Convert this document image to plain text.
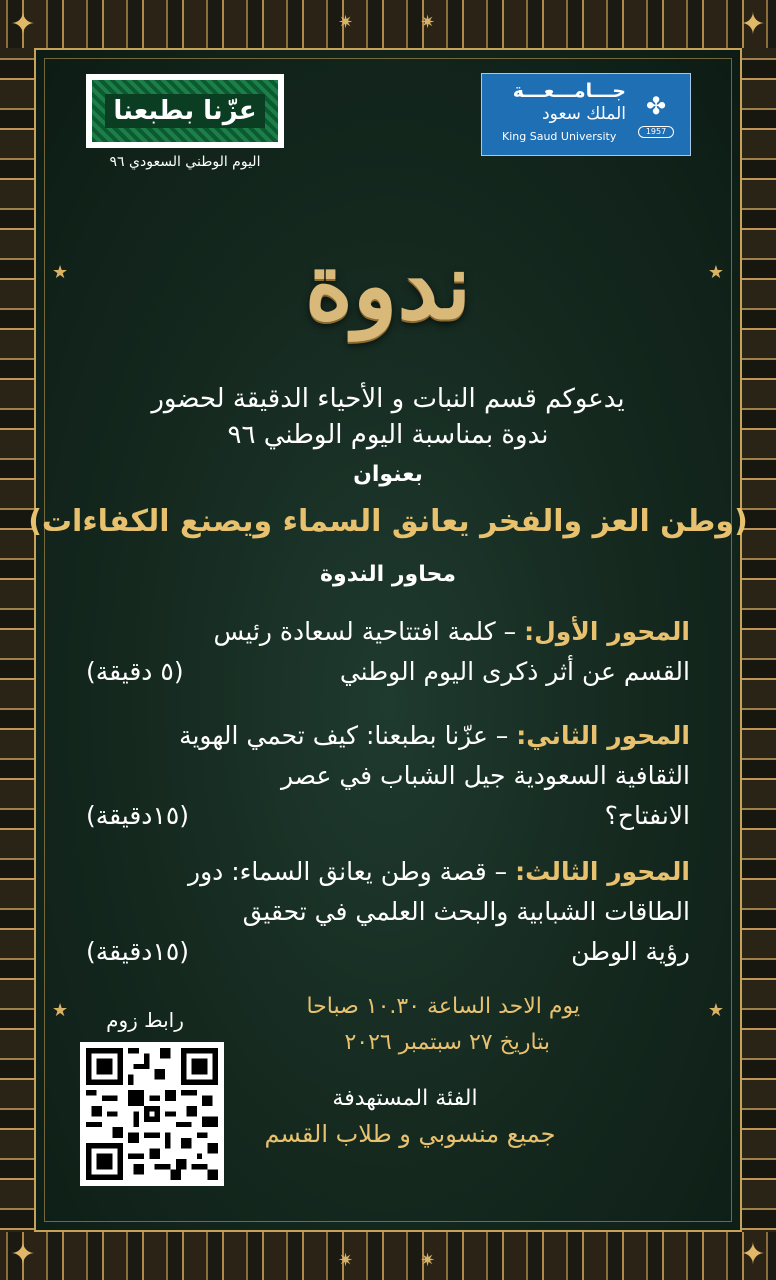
✦	✦
✦	✦
✷	✷
✷	✷
★	★
★	★
عزّنا بطبعنا
اليوم الوطني السعودي ٩٦
✤
1957
جـــامـــعـــة
الملك سعود
King Saud University
ندوة
يدعوكم قسم النبات و الأحياء الدقيقة لحضور
ندوة بمناسبة اليوم الوطني ٩٦
بعنوان
(وطن العز والفخر يعانق السماء ويصنع الكفاءات)
محاور الندوة
المحور الأول: – كلمة افتتاحية لسعادة رئيس
القسم عن أثر ذكرى اليوم الوطني
(٥ دقيقة)
المحور الثاني: – عزّنا بطبعنا: كيف تحمي الهوية
الثقافية السعودية جيل الشباب في عصر
الانفتاح؟
(١٥دقيقة)
المحور الثالث: – قصة وطن يعانق السماء: دور
الطاقات الشبابية والبحث العلمي في تحقيق
رؤية الوطن
(١٥دقيقة)
يوم الاحد الساعة ١٠.٣٠ صباحا
بتاريخ ٢٧ سبتمبر ٢٠٢٦
الفئة المستهدفة
جميع منسوبي و طلاب القسم
رابط زوم
